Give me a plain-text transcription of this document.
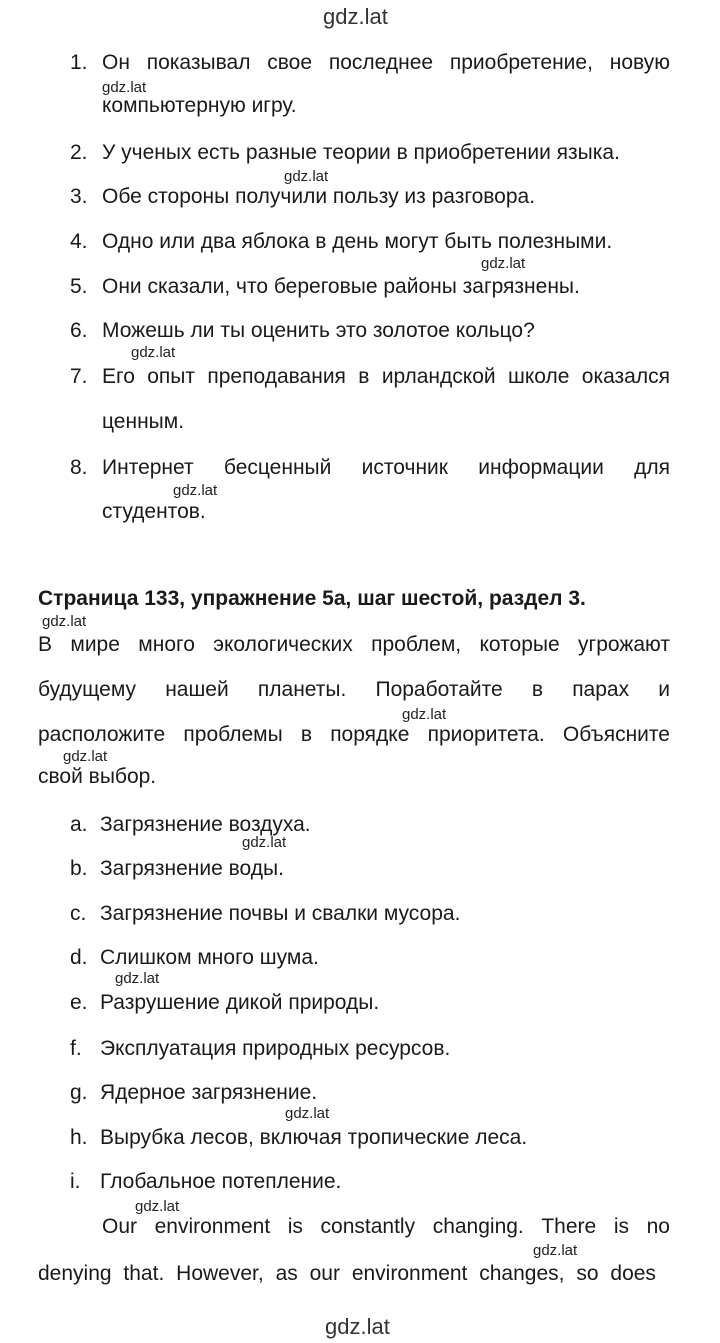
gdz.lat
gdz.lat
gdz.lat
gdz.lat
gdz.lat
gdz.lat
gdz.lat
gdz.lat
gdz.lat
gdz.lat
gdz.lat
gdz.lat
gdz.lat
gdz.lat
gdz.lat
1. Он показывал свое последнее приобретение, новую
компьютерную игру.
2. У ученых есть разные теории в приобретении языка.
3. Обе стороны получили пользу из разговора.
4. Одно или два яблока в день могут быть полезными.
5. Они сказали, что береговые районы загрязнены.
6. Можешь ли ты оценить это золотое кольцо?
7. Его опыт преподавания в ирландской школе оказался
ценным.
8. Интернет бесценный источник информации для
студентов.
Страница 133, упражнение 5а, шаг шестой, раздел 3.
В мире много экологических проблем, которые угрожают
будущему нашей планеты. Поработайте в парах и
расположите проблемы в порядке приоритета. Объясните
свой выбор.
a. Загрязнение воздуха.
b. Загрязнение воды.
c. Загрязнение почвы и свалки мусора.
d. Слишком много шума.
e. Разрушение дикой природы.
f. Эксплуатация природных ресурсов.
g. Ядерное загрязнение.
h. Вырубка лесов, включая тропические леса.
i. Глобальное потепление.
Our environment is constantly changing. There is no
denying that. However, as our environment changes, so does
